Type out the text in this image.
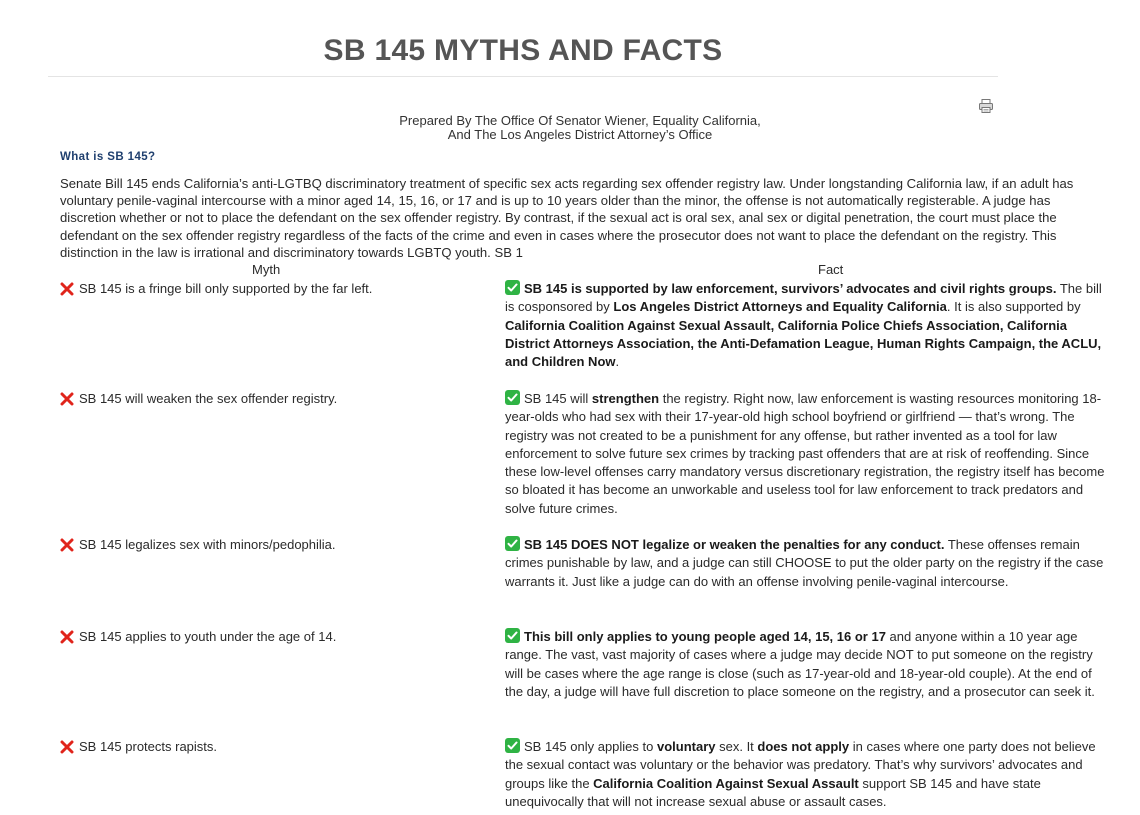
SB 145 MYTHS AND FACTS
Prepared By The Office Of Senator Wiener, Equality California,
And The Los Angeles District Attorney’s Office
What is SB 145?
Senate Bill 145 ends California’s anti-LGTBQ discriminatory treatment of specific sex acts regarding sex offender registry law. Under longstanding California law, if an adult has voluntary penile-vaginal intercourse with a minor aged 14, 15, 16, or 17 and is up to 10 years older than the minor, the offense is not automatically registerable. A judge has discretion whether or not to place the defendant on the sex offender registry. By contrast, if the sexual act is oral sex, anal sex or digital penetration, the court must place the defendant on the sex offender registry regardless of the facts of the crime and even in cases where the prosecutor does not want to place the defendant on the registry. This distinction in the law is irrational and discriminatory towards LGBTQ youth. SB 1
Myth	Fact
SB 145 is a fringe bill only supported by the far left.	SB 145 is supported by law enforcement, survivors’ advocates and civil rights groups. The bill is cosponsored by Los Angeles District Attorneys and Equality California. It is also supported by California Coalition Against Sexual Assault, California Police Chiefs Association, California District Attorneys Association, the Anti-Defamation League, Human Rights Campaign, the ACLU, and Children Now.
SB 145 will weaken the sex offender registry.	SB 145 will strengthen the registry. Right now, law enforcement is wasting resources monitoring 18-year-olds who had sex with their 17-year-old high school boyfriend or girlfriend — that’s wrong. The registry was not created to be a punishment for any offense, but rather invented as a tool for law enforcement to solve future sex crimes by tracking past offenders that are at risk of reoffending. Since these low-level offenses carry mandatory versus discretionary registration, the registry itself has become so bloated it has become an unworkable and useless tool for law enforcement to track predators and solve future crimes.
SB 145 legalizes sex with minors/pedophilia.	SB 145 DOES NOT legalize or weaken the penalties for any conduct. These offenses remain crimes punishable by law, and a judge can still CHOOSE to put the older party on the registry if the case warrants it. Just like a judge can do with an offense involving penile-vaginal intercourse.
SB 145 applies to youth under the age of 14.	This bill only applies to young people aged 14, 15, 16 or 17 and anyone within a 10 year age range. The vast, vast majority of cases where a judge may decide NOT to put someone on the registry will be cases where the age range is close (such as 17-year-old and 18-year-old couple). At the end of the day, a judge will have full discretion to place someone on the registry, and a prosecutor can seek it.
SB 145 protects rapists.	SB 145 only applies to voluntary sex. It does not apply in cases where one party does not believe the sexual contact was voluntary or the behavior was predatory. That’s why survivors’ advocates and groups like the California Coalition Against Sexual Assault support SB 145 and have state unequivocally that will not increase sexual abuse or assault cases.
